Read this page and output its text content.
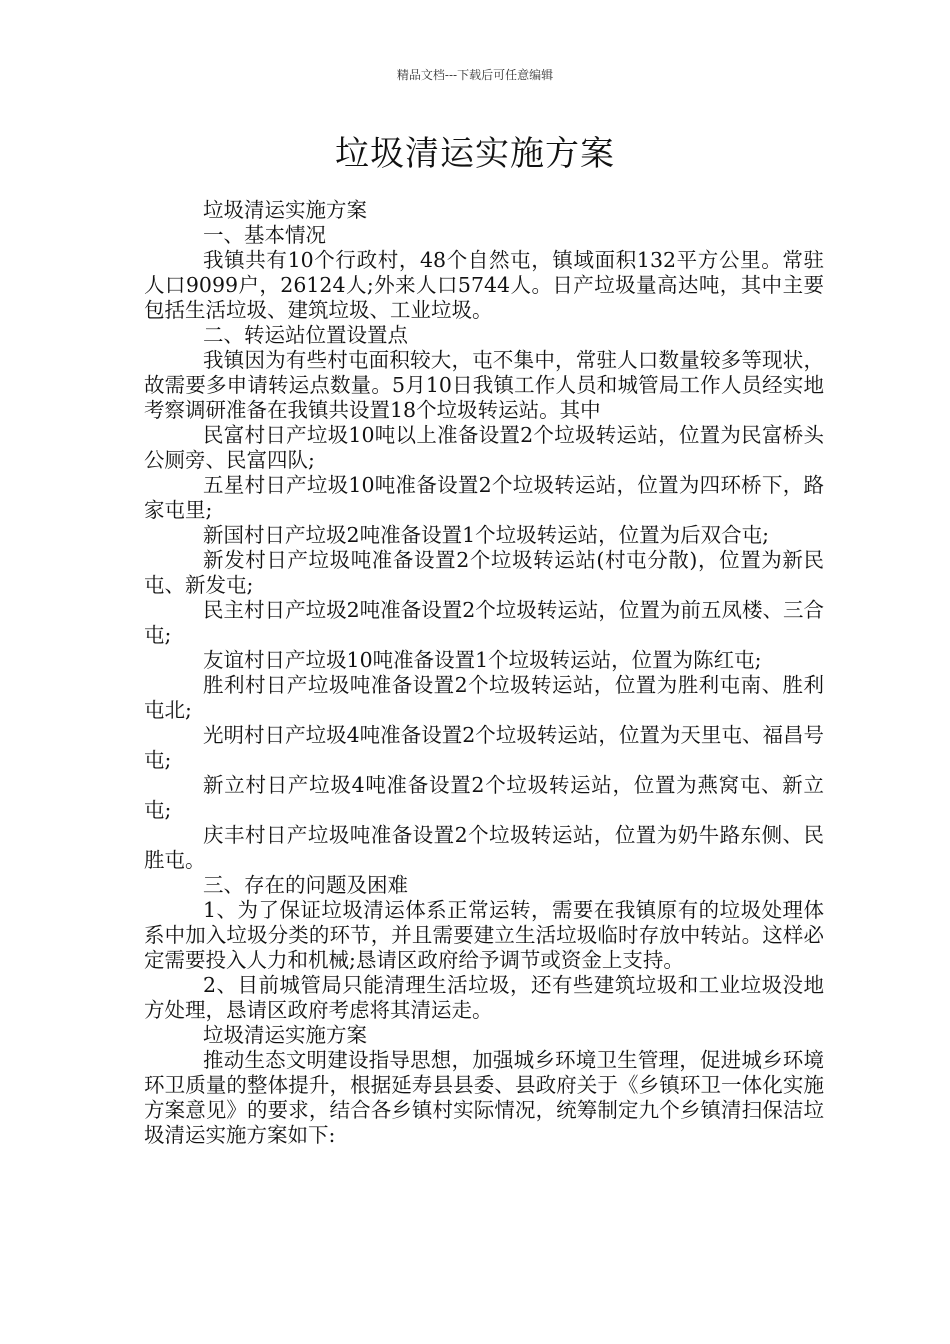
精品文档---下载后可任意编辑
垃圾清运实施方案

垃圾清运实施方案

一、基本情况

我镇共有10个行政村，48个自然屯，镇域面积132平方公里。常驻人口9099户，26124人;外来人口5744人。日产垃圾量高达吨，其中主要包括生活垃圾、建筑垃圾、工业垃圾。

二、转运站位置设置点

我镇因为有些村屯面积较大，屯不集中，常驻人口数量较多等现状，故需要多申请转运点数量。5月10日我镇工作人员和城管局工作人员经实地考察调研准备在我镇共设置18个垃圾转运站。其中

民富村日产垃圾10吨以上准备设置2个垃圾转运站，位置为民富桥头公厕旁、民富四队;

五星村日产垃圾10吨准备设置2个垃圾转运站，位置为四环桥下，路家屯里;

新国村日产垃圾2吨准备设置1个垃圾转运站，位置为后双合屯;

新发村日产垃圾吨准备设置2个垃圾转运站(村屯分散)，位置为新民屯、新发屯;

民主村日产垃圾2吨准备设置2个垃圾转运站，位置为前五凤楼、三合屯;

友谊村日产垃圾10吨准备设置1个垃圾转运站，位置为陈红屯;

胜利村日产垃圾吨准备设置2个垃圾转运站，位置为胜利屯南、胜利屯北;

光明村日产垃圾4吨准备设置2个垃圾转运站，位置为天里屯、福昌号屯;

新立村日产垃圾4吨准备设置2个垃圾转运站，位置为燕窝屯、新立屯;

庆丰村日产垃圾吨准备设置2个垃圾转运站，位置为奶牛路东侧、民胜屯。

三、存在的问题及困难

1、为了保证垃圾清运体系正常运转，需要在我镇原有的垃圾处理体系中加入垃圾分类的环节，并且需要建立生活垃圾临时存放中转站。这样必定需要投入人力和机械;恳请区政府给予调节或资金上支持。

2、目前城管局只能清理生活垃圾，还有些建筑垃圾和工业垃圾没地方处理，恳请区政府考虑将其清运走。

垃圾清运实施方案

推动生态文明建设指导思想，加强城乡环境卫生管理，促进城乡环境环卫质量的整体提升，根据延寿县县委、县政府关于《乡镇环卫一体化实施方案意见》的要求，结合各乡镇村实际情况，统筹制定九个乡镇清扫保洁垃圾清运实施方案如下:
